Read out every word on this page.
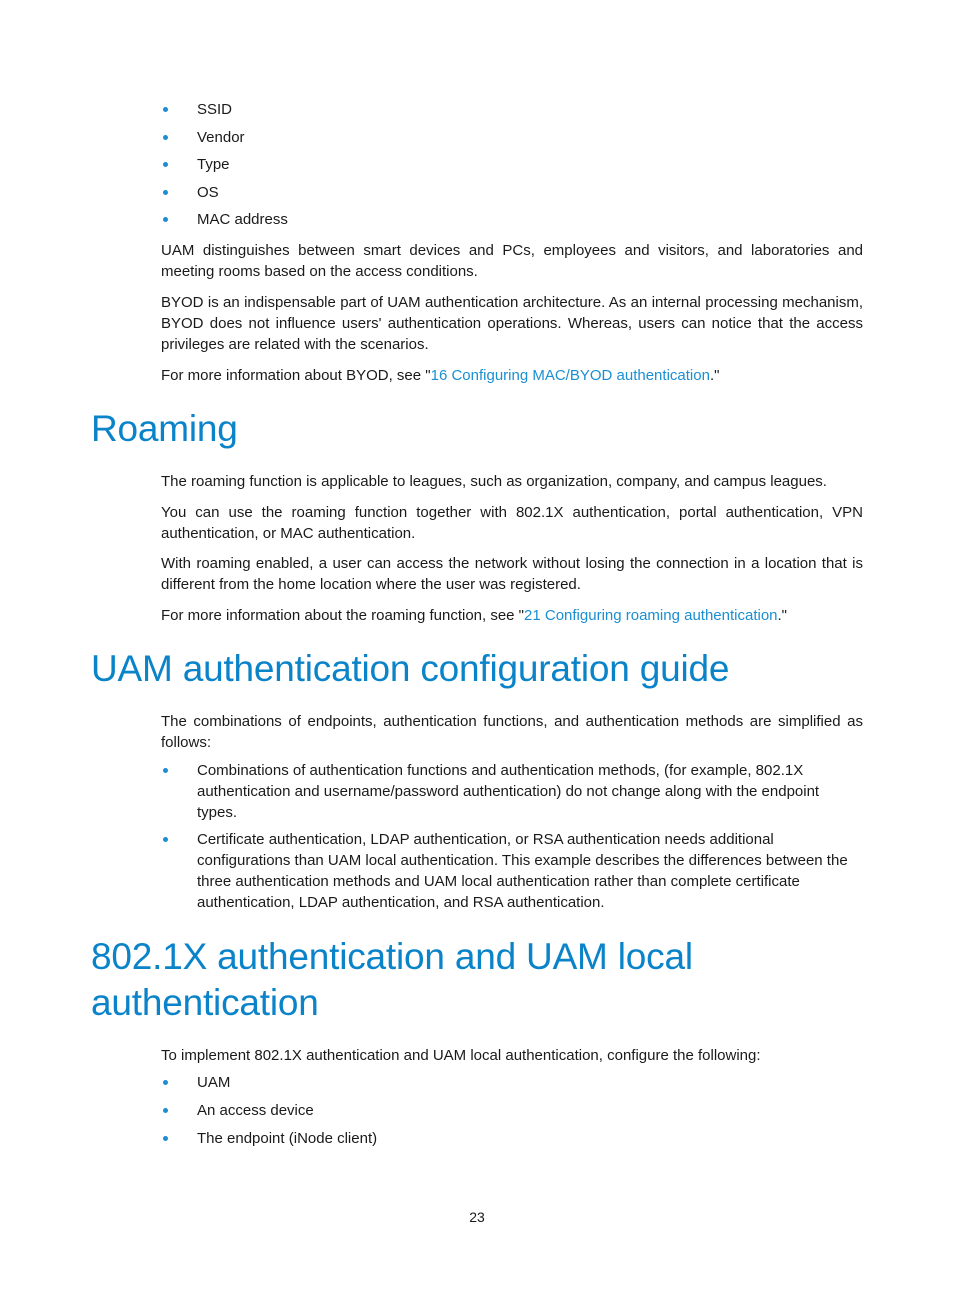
SSID
Vendor
Type
OS
MAC address

UAM distinguishes between smart devices and PCs, employees and visitors, and laboratories and meeting rooms based on the access conditions.

BYOD is an indispensable part of UAM authentication architecture. As an internal processing mechanism, BYOD does not influence users' authentication operations. Whereas, users can notice that the access privileges are related with the scenarios.

For more information about BYOD, see "16 Configuring MAC/BYOD authentication."

Roaming

The roaming function is applicable to leagues, such as organization, company, and campus leagues.

You can use the roaming function together with 802.1X authentication, portal authentication, VPN authentication, or MAC authentication.

With roaming enabled, a user can access the network without losing the connection in a location that is different from the home location where the user was registered.

For more information about the roaming function, see "21 Configuring roaming authentication."

UAM authentication configuration guide

The combinations of endpoints, authentication functions, and authentication methods are simplified as follows:

Combinations of authentication functions and authentication methods, (for example, 802.1X authentication and username/password authentication) do not change along with the endpoint types.
Certificate authentication, LDAP authentication, or RSA authentication needs additional configurations than UAM local authentication. This example describes the differences between the three authentication methods and UAM local authentication rather than complete certificate authentication, LDAP authentication, and RSA authentication.
802.1X authentication and UAM local
authentication

To implement 802.1X authentication and UAM local authentication, configure the following:

UAM
An access device
The endpoint (iNode client)
23
